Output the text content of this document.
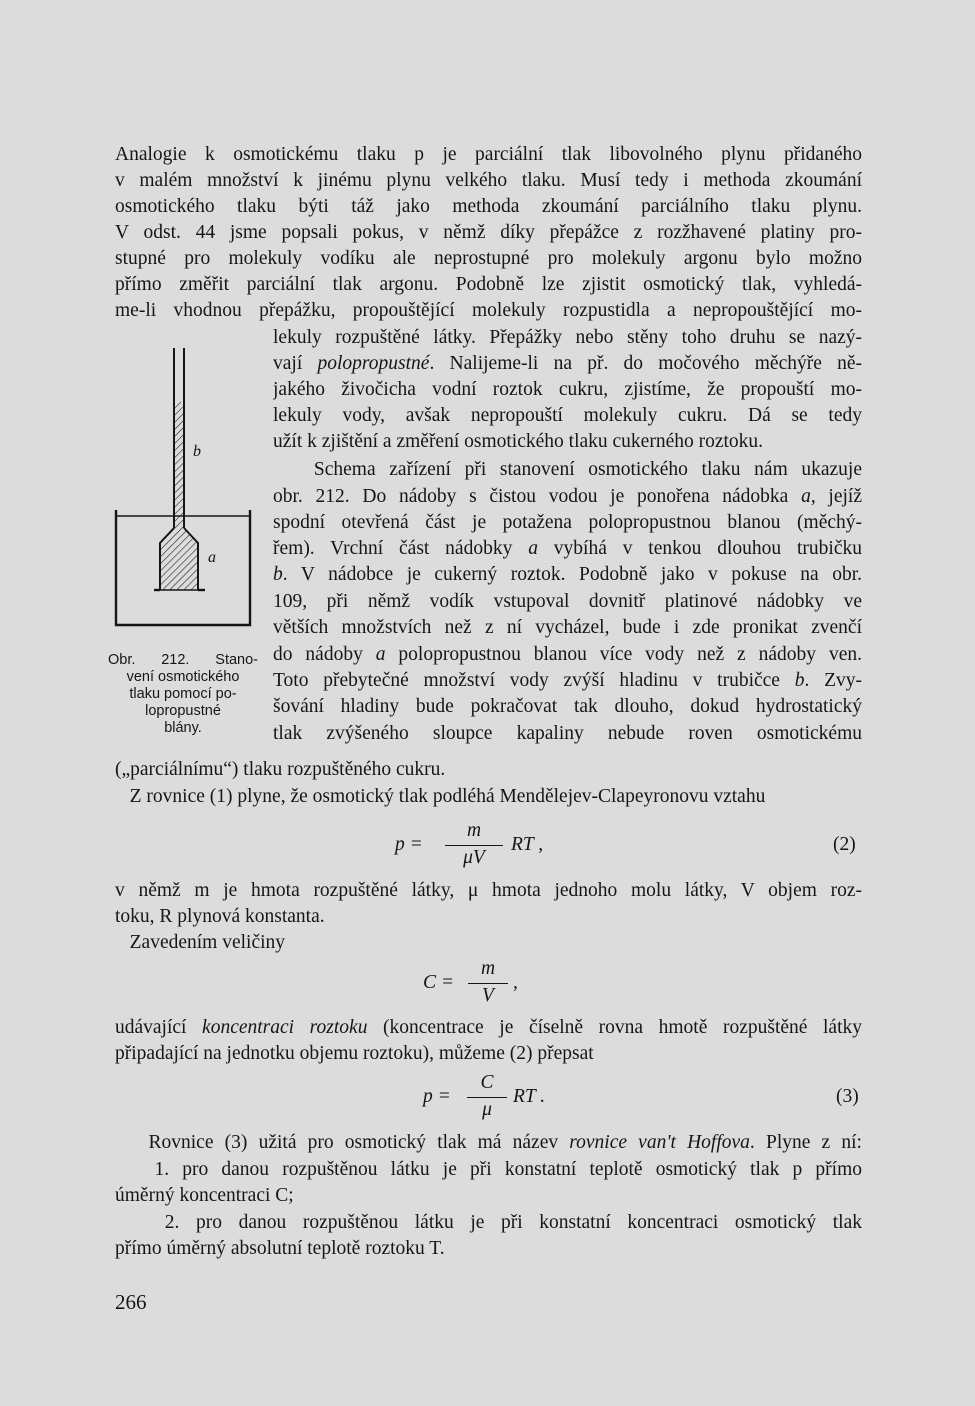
Analogie k osmotickému tlaku p je parciální tlak libovolného plynu přidaného
v malém množství k jinému plynu velkého tlaku. Musí tedy i methoda zkoumání
osmotického tlaku býti táž jako methoda zkoumání parciálního tlaku plynu.
V odst. 44 jsme popsali pokus, v němž díky přepážce z rozžhavené platiny pro-
stupné pro molekuly vodíku ale neprostupné pro molekuly argonu bylo možno
přímo změřit parciální tlak argonu. Podobně lze zjistit osmotický tlak, vyhledá-
me-li vhodnou přepážku, propouštějící molekuly rozpustidla a nepropouštějící mo-
lekuly rozpuštěné látky. Přepážky nebo stěny toho druhu se nazý-
vají polopropustné. Nalijeme-li na př. do močového měchýře ně-
jakého živočicha vodní roztok cukru, zjistíme, že propouští mo-
lekuly vody, avšak nepropouští molekuly cukru. Dá se tedy
užít k zjištění a změření osmotického tlaku cukerného roztoku.
Schema zařízení při stanovení osmotického tlaku nám ukazuje
obr. 212. Do nádoby s čistou vodou je ponořena nádobka a, jejíž
spodní otevřená část je potažena polopropustnou blanou (měchý-
řem). Vrchní část nádobky a vybíhá v tenkou dlouhou trubičku
b. V nádobce je cukerný roztok. Podobně jako v pokuse na obr.
109, při němž vodík vstupoval dovnitř platinové nádobky ve
větších množstvích než z ní vycházel, bude i zde pronikat zvenčí
do nádoby a polopropustnou blanou více vody než z nádoby ven.
Toto přebytečné množství vody zvýší hladinu v trubičce b. Zvy-
šování hladiny bude pokračovat tak dlouho, dokud hydrostatický
tlak zvýšeného sloupce kapaliny nebude roven osmotickému
b
a
Obr. 212. Stano-
vení osmotického
tlaku pomocí po-
lopropustné
blány.
(„parciálnímu“) tlaku rozpuštěného cukru.
Z rovnice (1) plyne, že osmotický tlak podléhá Mendělejev-Clapeyronovu vztahu
p =
m
μV
RT ,	(2)
v němž m je hmota rozpuštěné látky, μ hmota jednoho molu látky, V objem roz-
toku, R plynová konstanta.
Zavedením veličiny
C =
m
V
,
udávající koncentraci roztoku (koncentrace je číselně rovna hmotě rozpuštěné látky
připadající na jednotku objemu roztoku), můžeme (2) přepsat
p =
C
μ
RT .	(3)
Rovnice (3) užitá pro osmotický tlak má název rovnice van't Hoffova. Plyne z ní:
1. pro danou rozpuštěnou látku je při konstatní teplotě osmotický tlak p přímo
úměrný koncentraci C;
2. pro danou rozpuštěnou látku je při konstatní koncentraci osmotický tlak
přímo úměrný absolutní teplotě roztoku T.
266
